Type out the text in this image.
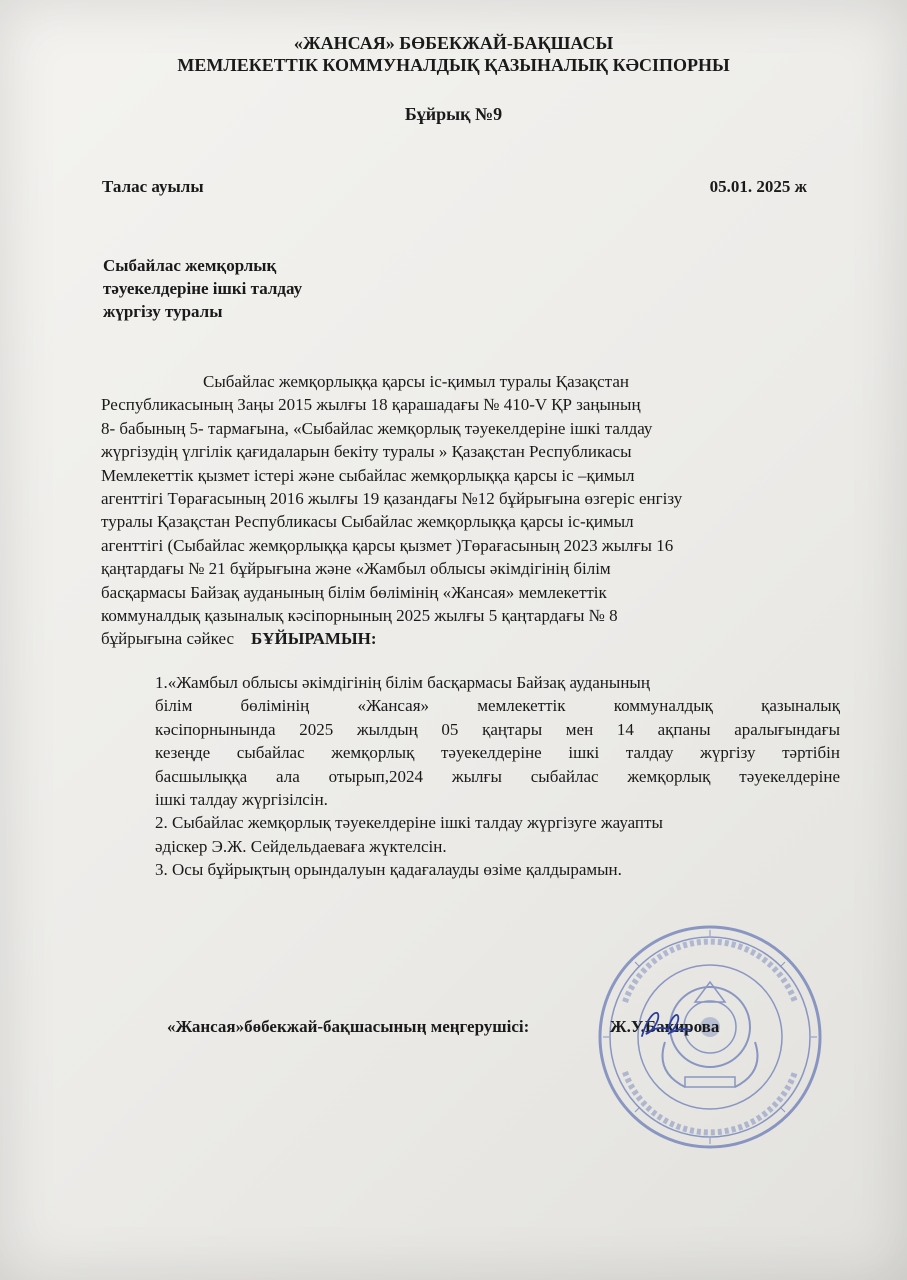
«ЖАНСАЯ» БӨБЕКЖАЙ-БАҚШАСЫ
МЕМЛЕКЕТТІК КОММУНАЛДЫҚ ҚАЗЫНАЛЫҚ КӘСІПОРНЫ
Бұйрық №9
Талас ауылы	05.01. 2025 ж
Сыбайлас жемқорлық
тәуекелдеріне ішкі талдау
жүргізу туралы
Сыбайлас жемқорлыққа қарсы іс-қимыл туралы Қазақстан
Республикасының Заңы 2015 жылғы 18 қарашадағы № 410-V ҚР заңының
8- бабының 5- тармағына, «Сыбайлас жемқорлық тәуекелдеріне ішкі талдау
жүргізудің үлгілік қағидаларын бекіту туралы » Қазақстан Республикасы
Мемлекеттік қызмет істері және сыбайлас жемқорлыққа қарсы іс –қимыл
агенттігі Төрағасының 2016 жылғы 19 қазандағы №12 бұйрығына өзгеріс енгізу
туралы Қазақстан Республикасы Сыбайлас жемқорлыққа қарсы іс-қимыл
агенттігі (Сыбайлас жемқорлыққа қарсы қызмет )Төрағасының 2023 жылғы 16
қаңтардағы № 21 бұйрығына және «Жамбыл облысы әкімдігінің білім
басқармасы Байзақ ауданының білім бөлімінің «Жансая» мемлекеттік
коммуналдық қазыналық кәсіпорнының 2025 жылғы 5 қаңтардағы № 8
бұйрығына сәйкес БҰЙЫРАМЫН:
1.«Жамбыл облысы әкімдігінің білім басқармасы Байзақ ауданының
білім бөлімінің «Жансая» мемлекеттік коммуналдық қазыналық
кәсіпорнынында 2025 жылдың 05 қаңтары мен 14 ақпаны аралығындағы
кезеңде сыбайлас жемқорлық тәуекелдеріне ішкі талдау жүргізу тәртібін
басшылыққа ала отырып,2024 жылғы сыбайлас жемқорлық тәуекелдеріне
ішкі талдау жүргізілсін.
2. Сыбайлас жемқорлық тәуекелдеріне ішкі талдау жүргізуге жауапты
әдіскер Э.Ж. Сейдельдаеваға жүктелсін.
3. Осы бұйрықтың орындалуын қадағалауды өзіме қалдырамын.
«Жансая»бөбекжай-бақшасының меңгерушісі:	Ж.У.Бакирова
